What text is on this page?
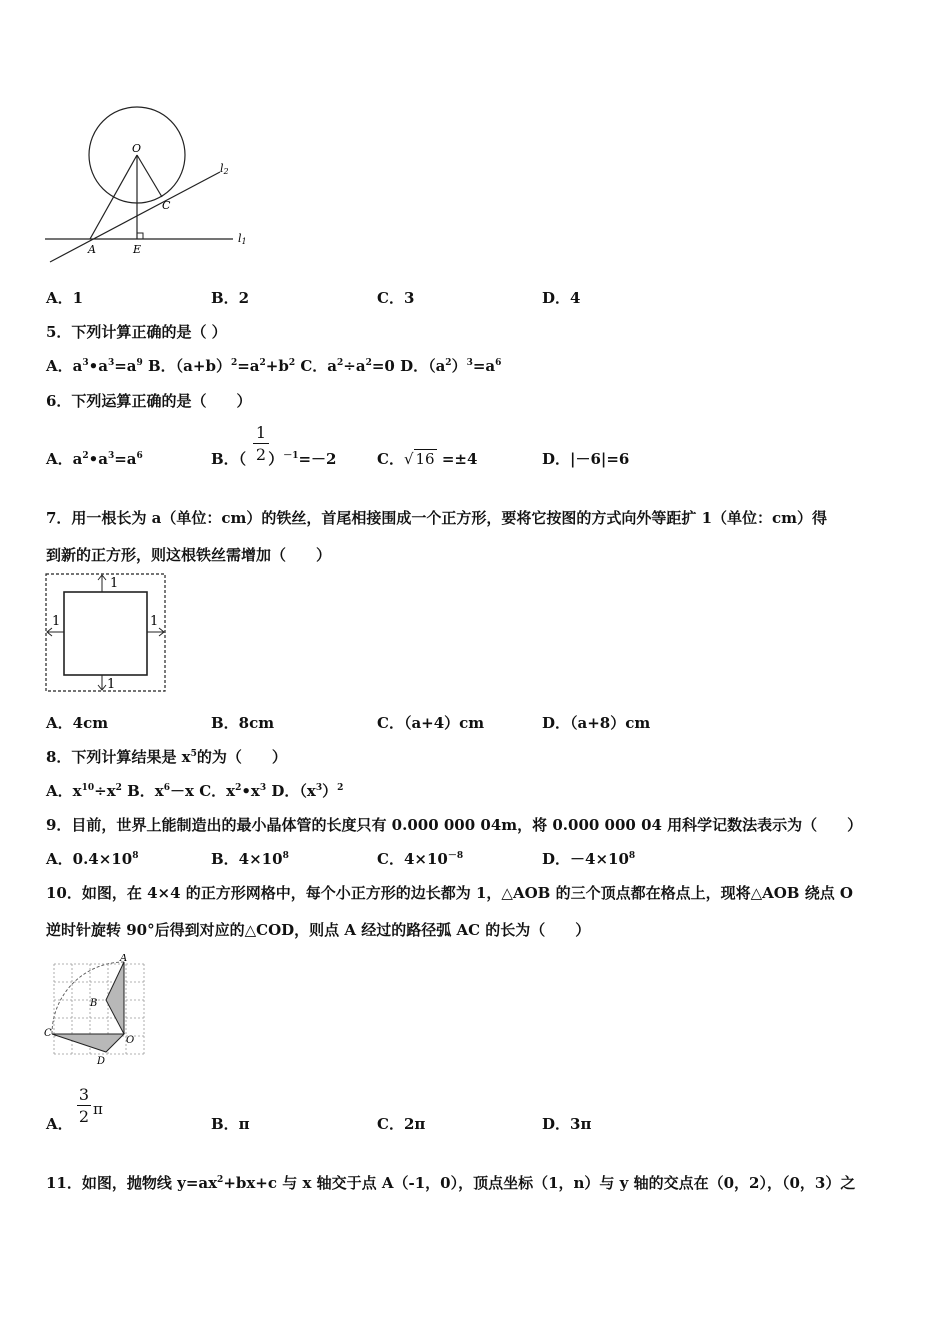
O
C
A	E
l1
l2
A．1	B．2	C．3	D．4
5．下列计算正确的是（ ）
A．$a^3•a^3=a^9$ B．$(a+b)^2=a^2+b^2$ C．$a^2\div a^2=0$ D．$(a^2)^3=a^6$
6．下列运算正确的是（　　）
A．$a^2•a^3=a^6$	B．（ ）$^{-1}$=－2
1
2	C．√ 16 =±4	D．|－6|=6
7．用一根长为 a（单位：cm）的铁丝，首尾相接围成一个正方形，要将它按图的方式向外等距扩 1（单位：cm）得
到新的正方形，则这根铁丝需增加（　　）
1
1	1
1
A．4cm	B．8cm	C．（a+4）cm	D．（a+8）cm
8．下列计算结果是 $x^5$的为（　　）
A．$x^{10}\div x^2$ B．$x^6-x$ C．$x^2•x^3$ D．$(x^3)^2$
9．目前，世界上能制造出的最小晶体管的长度只有 0.000 000 04m，将 0.000 000 04 用科学记数法表示为（　　）
A．$0.4\times 10^8$	B．$4\times 10^8$	C．$4\times 10^{-8}$	D．$-4\times 10^8$
10．如图，在 4×4 的正方形网格中，每个小正方形的边长都为 1，△AOB 的三个顶点都在格点上，现将△AOB 绕点 O
逆时针旋转 90°后得到对应的△COD，则点 A 经过的路径弧 AC 的长为（　　）
A
B
C
O
D
A．
3
2 π
B．π	C．2π	D．3π
11．如图，抛物线 $y=ax^2+bx+c$ 与 x 轴交于点 A（-1，0），顶点坐标（1，n）与 y 轴的交点在（0，2），（0，3）之
